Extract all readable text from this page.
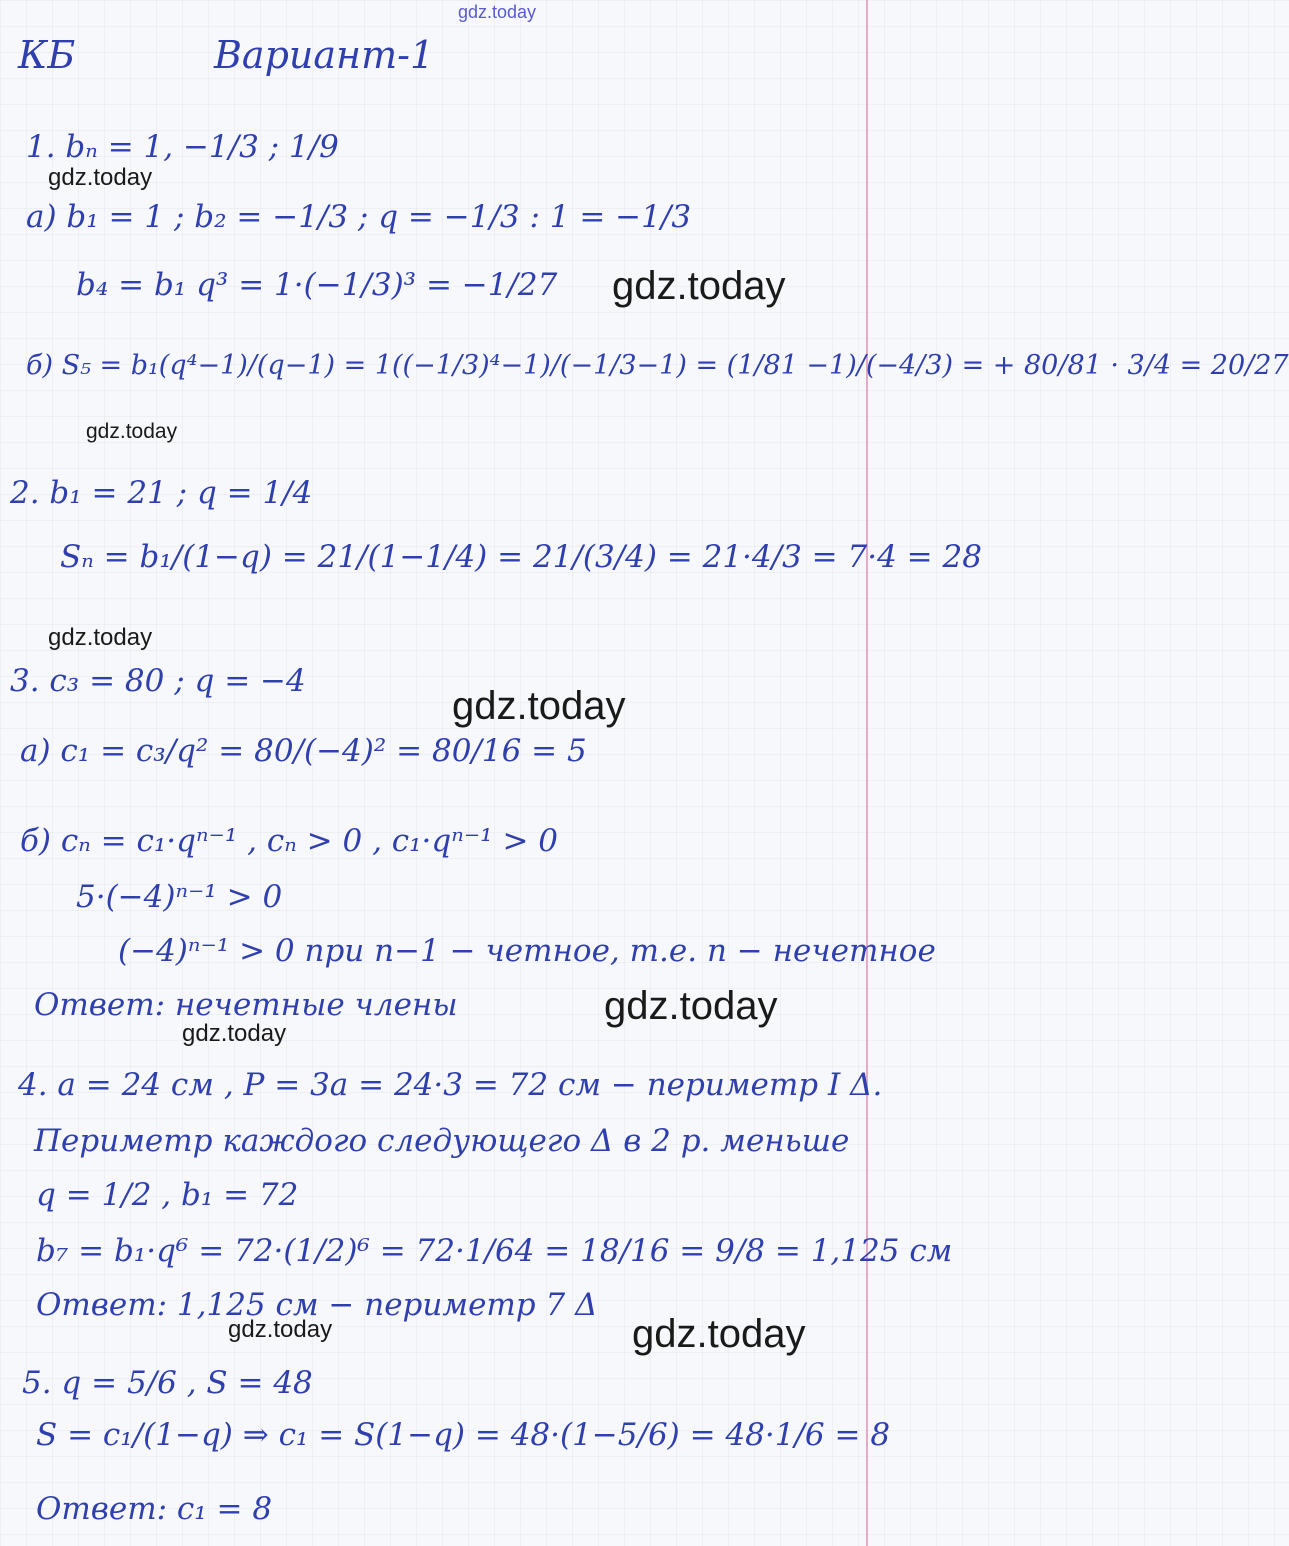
gdz.today
gdz.today
gdz.today
gdz.today
gdz.today
gdz.today
gdz.today
gdz.today
gdz.today	gdz.today
КБ	Вариант-1
1. bₙ = 1, −1/3 ; 1/9
а) b₁ = 1 ; b₂ = −1/3 ; q = −1/3 : 1 = −1/3
b₄ = b₁ q³ = 1·(−1/3)³ = −1/27
б) S₅ = b₁(q⁴−1)/(q−1) = 1((−1/3)⁴−1)/(−1/3−1) = (1/81 −1)/(−4/3) = + 80/81 · 3/4 = 20/27
2. b₁ = 21 ; q = 1/4
Sₙ = b₁/(1−q) = 21/(1−1/4) = 21/(3/4) = 21·4/3 = 7·4 = 28
3. c₃ = 80 ; q = −4
а) c₁ = c₃/q² = 80/(−4)² = 80/16 = 5
б) cₙ = c₁·qⁿ⁻¹ , cₙ > 0 , c₁·qⁿ⁻¹ > 0
5·(−4)ⁿ⁻¹ > 0
(−4)ⁿ⁻¹ > 0 при n−1 − четное, т.е. n − нечетное
Ответ: нечетные члены
4. a = 24 см , P = 3a = 24·3 = 72 см − периметр I Δ.
Периметр каждого следующего Δ в 2 р. меньше
q = 1/2 , b₁ = 72
b₇ = b₁·q⁶ = 72·(1/2)⁶ = 72·1/64 = 18/16 = 9/8 = 1,125 см
Ответ: 1,125 см − периметр 7 Δ
5. q = 5/6 , S = 48
S = c₁/(1−q) ⇒ c₁ = S(1−q) = 48·(1−5/6) = 48·1/6 = 8
Ответ: c₁ = 8
